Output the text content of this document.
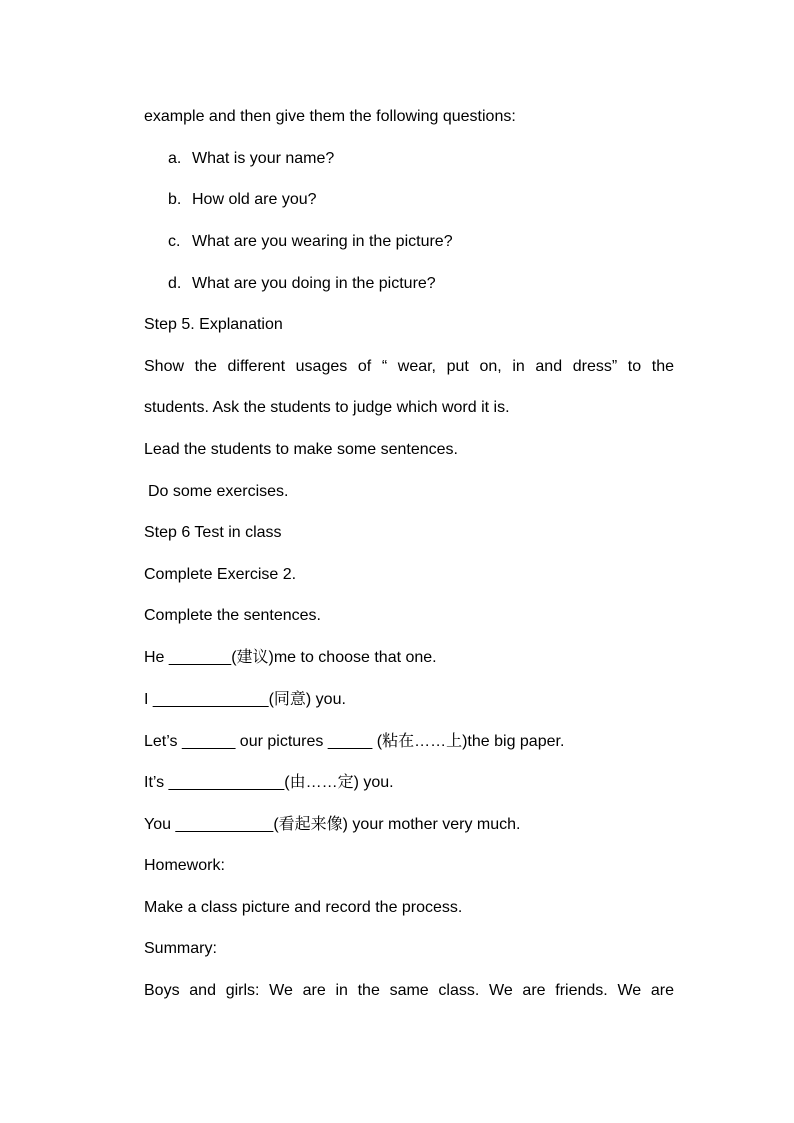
example and then give them the following questions:
a. What is your name?
b. How old are you?
c. What are you wearing in the picture?
d. What are you doing in the picture?
Step 5. Explanation
Show the different usages of “ wear, put on, in and dress” to the
students. Ask the students to judge which word it is.
Lead the students to make some sentences.
Do some exercises.
Step 6 Test in class
Complete Exercise 2.
Complete the sentences.
He _______(建议)me to choose that one.
I _____________(同意) you.
Let’s ______ our pictures _____ (粘在……上)the big paper.
It’s _____________(由……定) you.
You ___________(看起来像) your mother very much.
Homework:
Make a class picture and record the process.
Summary:
Boys and girls: We are in the same class. We are friends. We are
